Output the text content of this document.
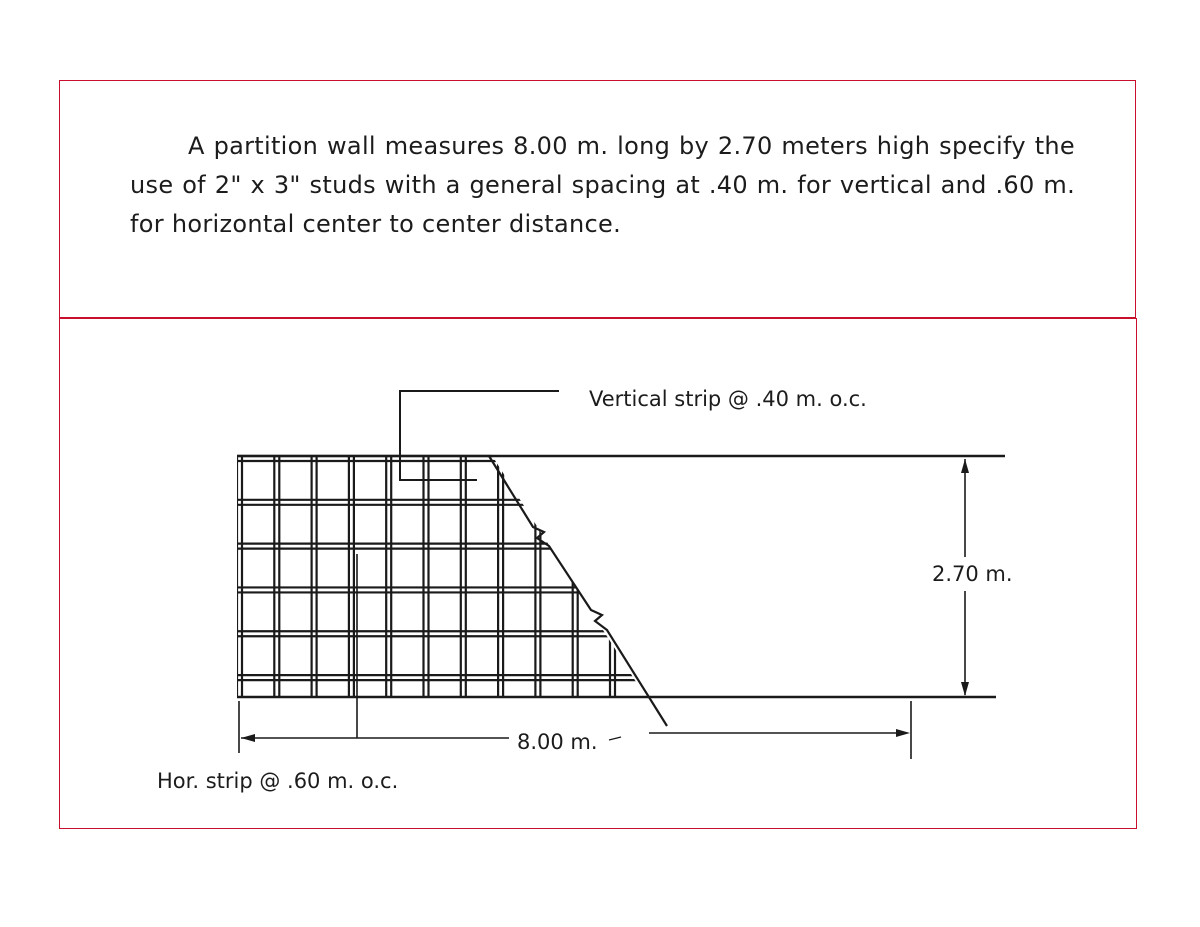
A partition wall measures 8.00 m. long by 2.70 meters high specify the use of 2" x 3" studs with a general spacing at .40 m. for vertical and .60 m. for horizontal center to center distance.

Vertical strip @ .40 m. o.c.
Hor. strip @ .60 m. o.c.
8.00 m.
2.70 m.
